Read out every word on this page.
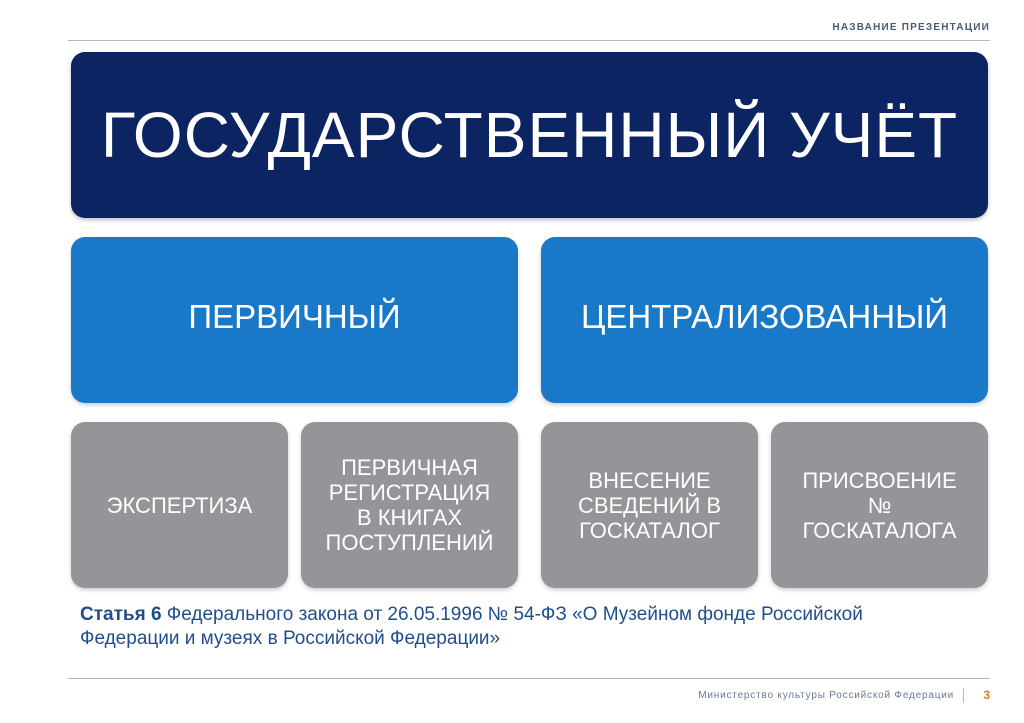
НАЗВАНИЕ ПРЕЗЕНТАЦИИ
ГОСУДАРСТВЕННЫЙ УЧЁТ
ПЕРВИЧНЫЙ	ЦЕНТРАЛИЗОВАННЫЙ
ЭКСПЕРТИЗА
ПЕРВИЧНАЯ
РЕГИСТРАЦИЯ
В КНИГАХ
ПОСТУПЛЕНИЙ
ВНЕСЕНИЕ
СВЕДЕНИЙ В
ГОСКАТАЛОГ
ПРИСВОЕНИЕ
№
ГОСКАТАЛОГА
Статья 6 Федерального закона от 26.05.1996 № 54-ФЗ «О Музейном фонде Российской Федерации и музеях в Российской Федерации»
Министерство культуры Российской Федерации 3
